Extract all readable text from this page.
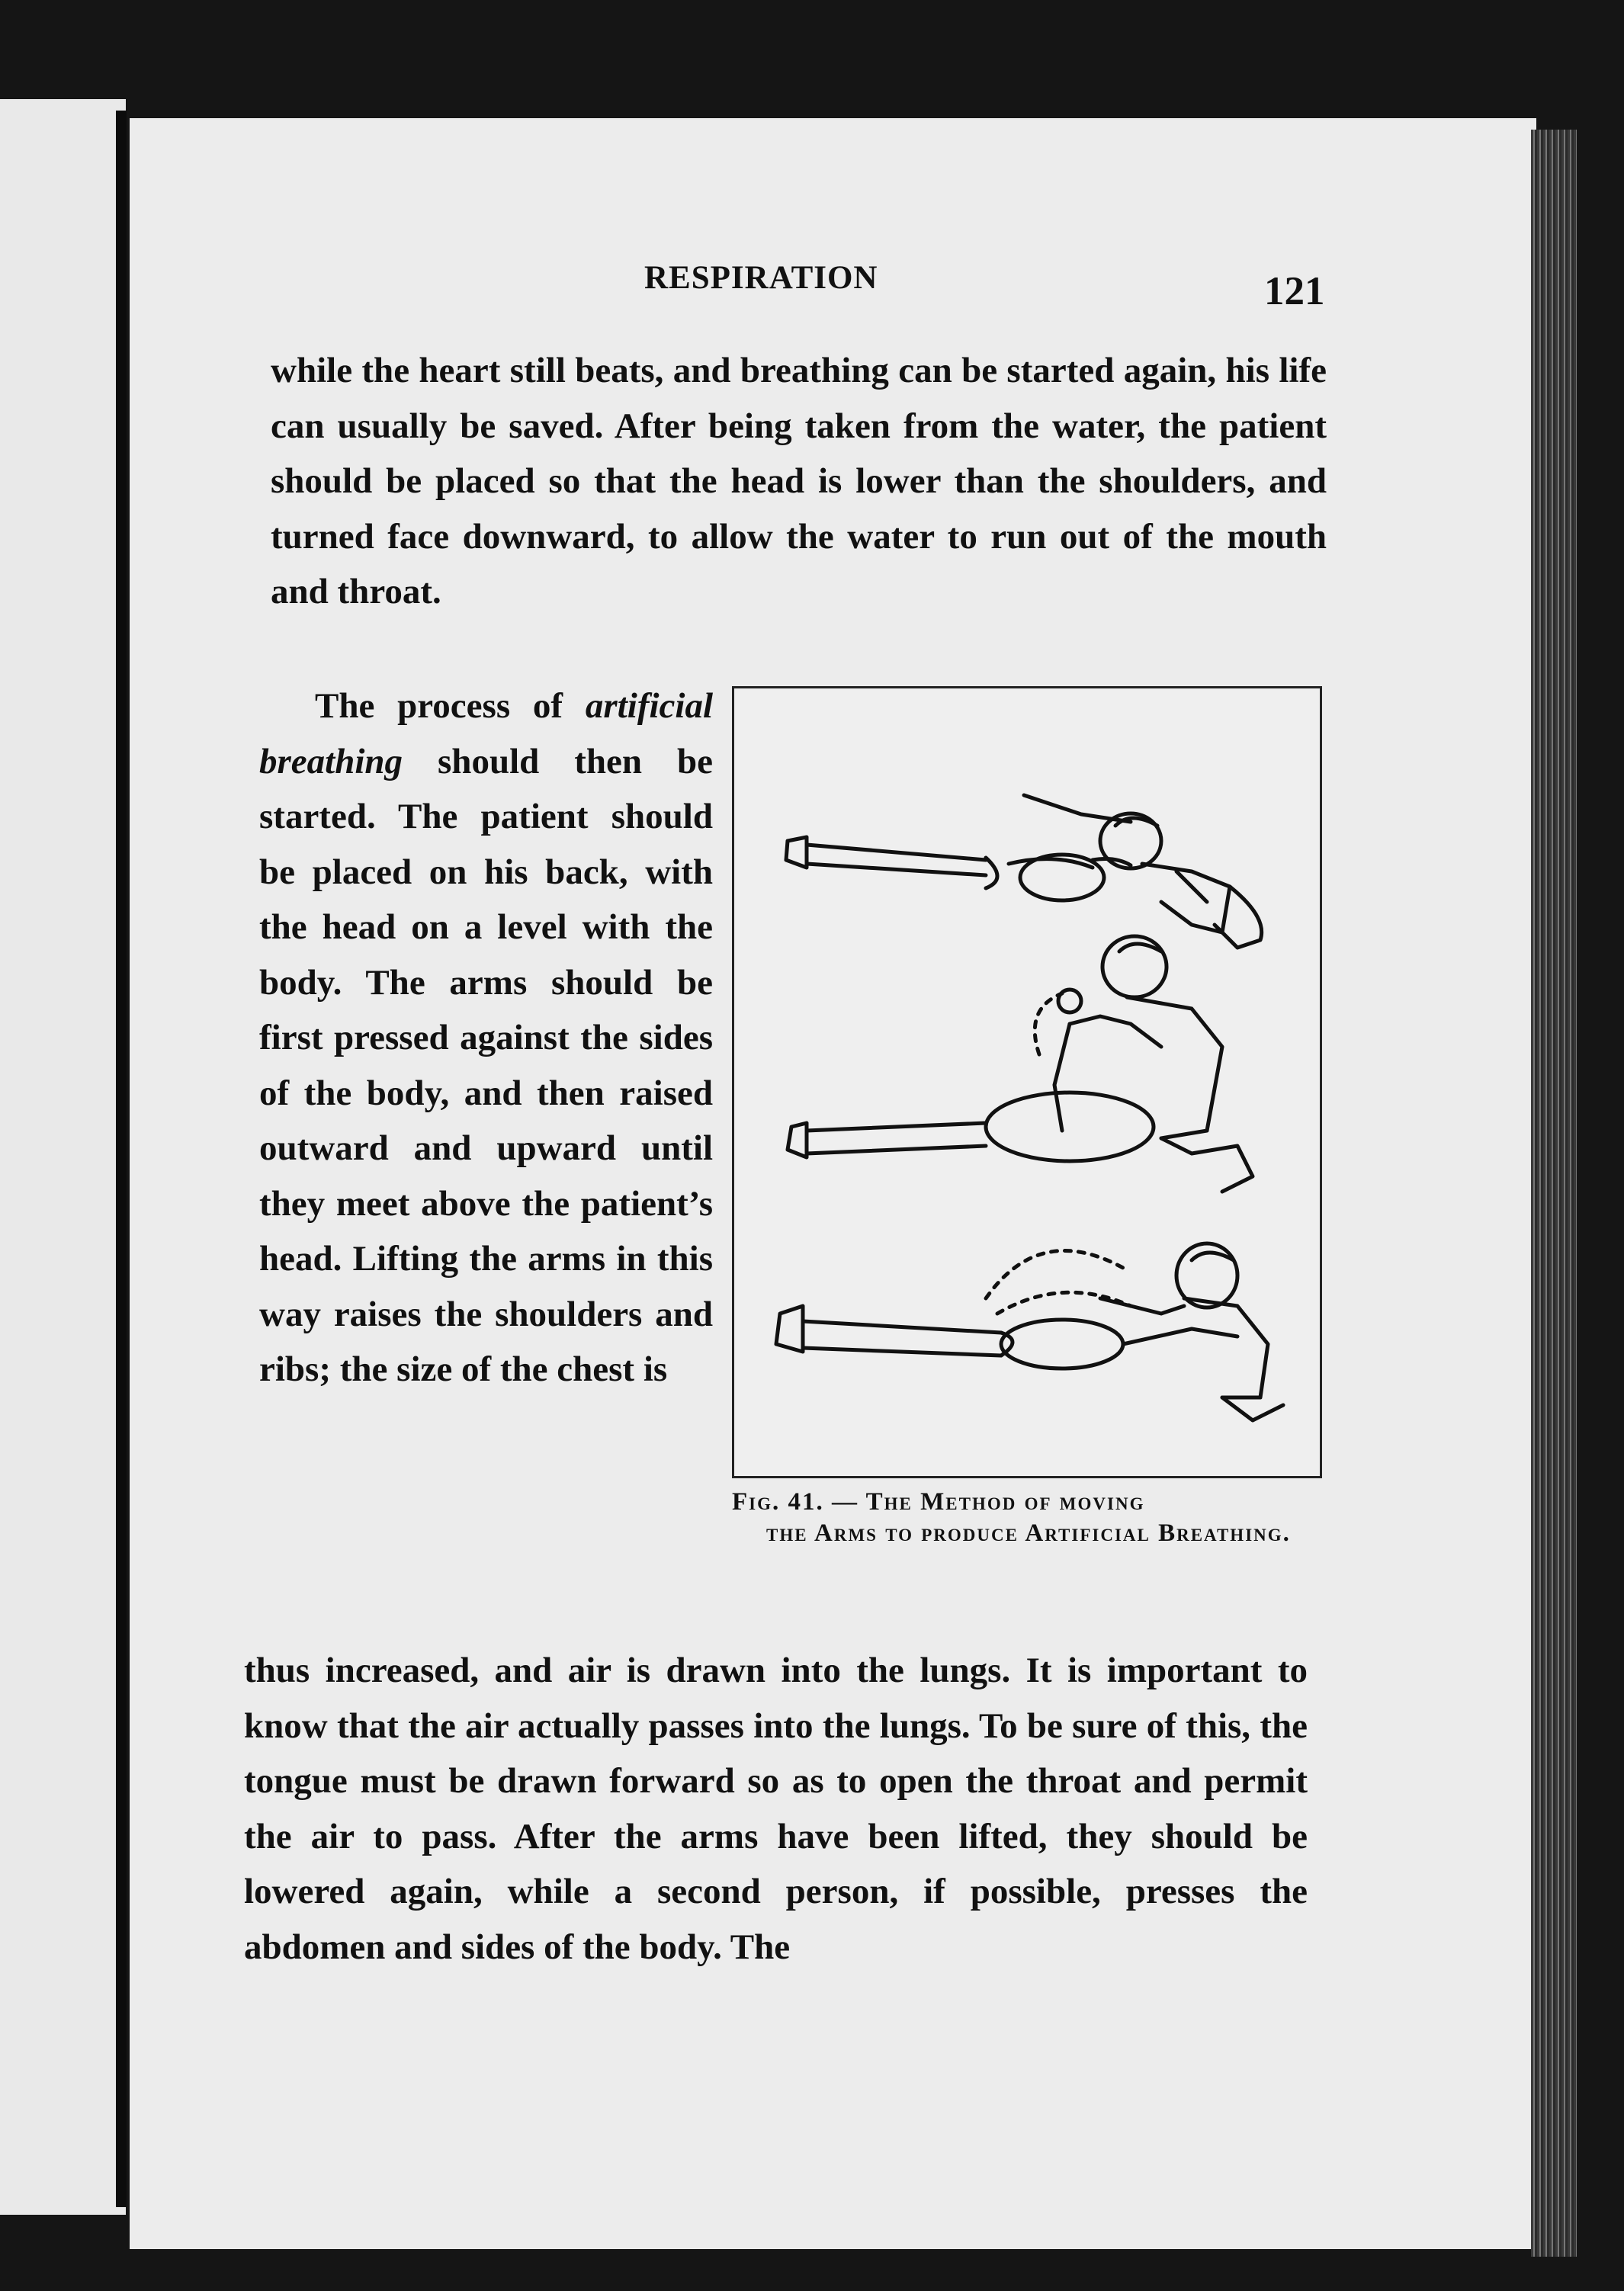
RESPIRATION	121

while the heart still beats, and breathing can be started again, his life can usually be saved. After being taken from the water, the patient should be placed so that the head is lower than the shoulders, and turned face downward, to allow the water to run out of the mouth and throat.

The process of artificial breathing should then be started. The patient should be placed on his back, with the head on a level with the body. The arms should be first pressed against the sides of the body, and then raised outward and upward until they meet above the patient’s head. Lifting the arms in this way raises the shoulders and ribs; the size of the chest is

Fig. 41. — The Method of moving
the Arms to produce Artificial Breathing.

thus increased, and air is drawn into the lungs. It is important to know that the air actually passes into the lungs. To be sure of this, the tongue must be drawn forward so as to open the throat and permit the air to pass. After the arms have been lifted, they should be lowered again, while a second person, if possible, presses the abdomen and sides of the body. The
